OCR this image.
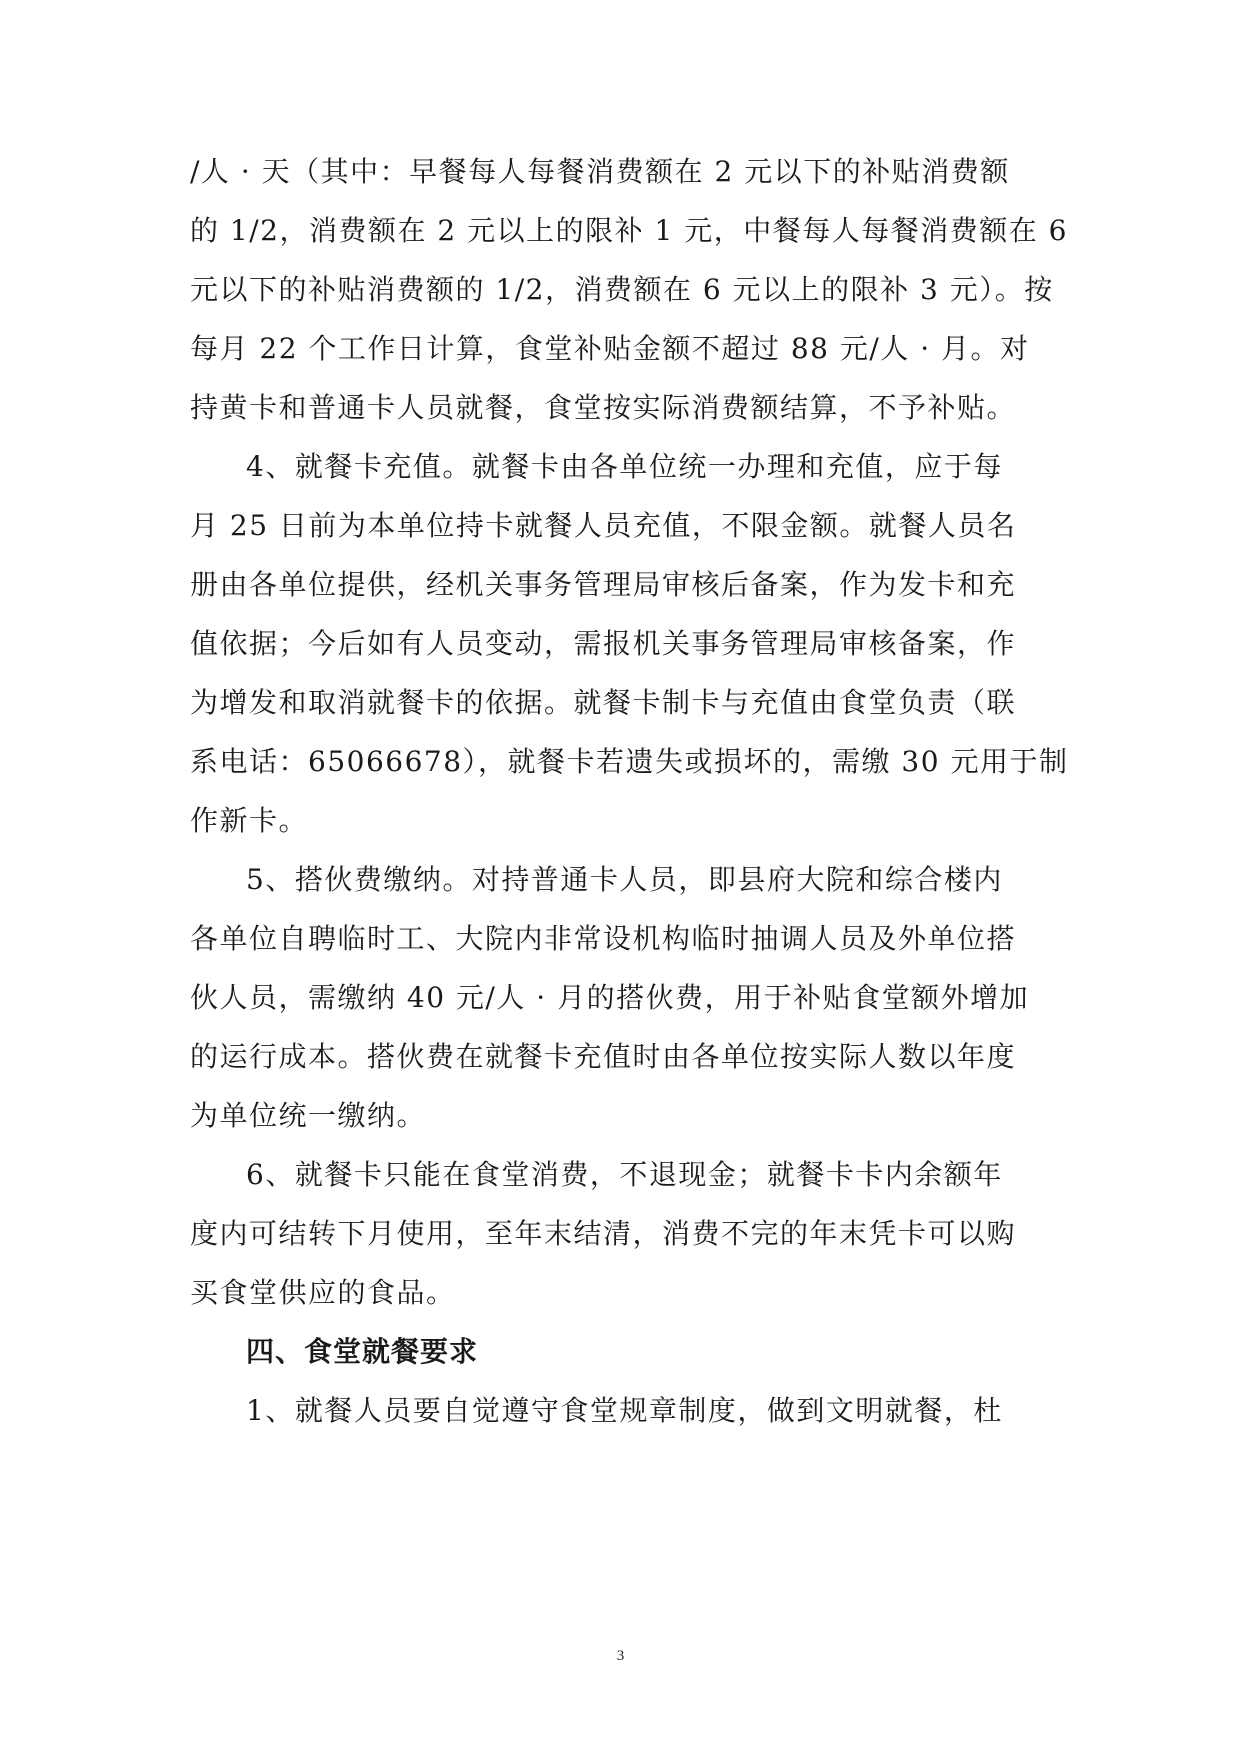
/人 · 天（其中：早餐每人每餐消费额在 2 元以下的补贴消费额
的 1/2，消费额在 2 元以上的限补 1 元，中餐每人每餐消费额在 6
元以下的补贴消费额的 1/2，消费额在 6 元以上的限补 3 元）。按
每月 22 个工作日计算，食堂补贴金额不超过 88 元/人 · 月。对
持黄卡和普通卡人员就餐，食堂按实际消费额结算，不予补贴。
4、就餐卡充值。就餐卡由各单位统一办理和充值，应于每
月 25 日前为本单位持卡就餐人员充值，不限金额。就餐人员名
册由各单位提供，经机关事务管理局审核后备案，作为发卡和充
值依据；今后如有人员变动，需报机关事务管理局审核备案，作
为增发和取消就餐卡的依据。就餐卡制卡与充值由食堂负责（联
系电话：65066678），就餐卡若遗失或损坏的，需缴 30 元用于制
作新卡。
5、搭伙费缴纳。对持普通卡人员，即县府大院和综合楼内
各单位自聘临时工、大院内非常设机构临时抽调人员及外单位搭
伙人员，需缴纳 40 元/人 · 月的搭伙费，用于补贴食堂额外增加
的运行成本。搭伙费在就餐卡充值时由各单位按实际人数以年度
为单位统一缴纳。
6、就餐卡只能在食堂消费，不退现金；就餐卡卡内余额年
度内可结转下月使用，至年末结清，消费不完的年末凭卡可以购
买食堂供应的食品。
四、食堂就餐要求
1、就餐人员要自觉遵守食堂规章制度，做到文明就餐，杜
3
